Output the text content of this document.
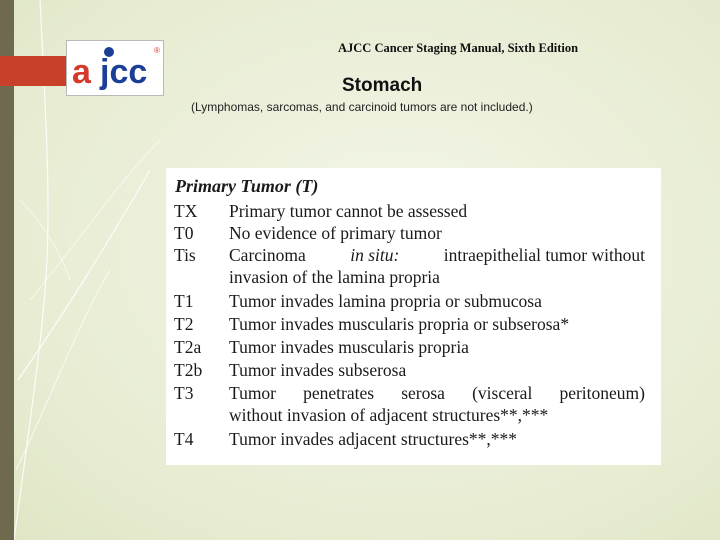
a jcc
®	AJCC Cancer Staging Manual, Sixth Edition
Stomach
(Lymphomas, sarcomas, and carcinoid tumors are not included.)
Primary Tumor (T)
TX Primary tumor cannot be assessed
T0 No evidence of primary tumor
Tis Carcinoma	in situ:	intraepithelial tumor without
invasion of the lamina propria
T1 Tumor invades lamina propria or submucosa
T2 Tumor invades muscularis propria or subserosa*
T2a Tumor invades muscularis propria
T2b Tumor invades subserosa
T3 Tumor penetrates serosa (visceral peritoneum)
without invasion of adjacent structures**,***
T4 Tumor invades adjacent structures**,***
